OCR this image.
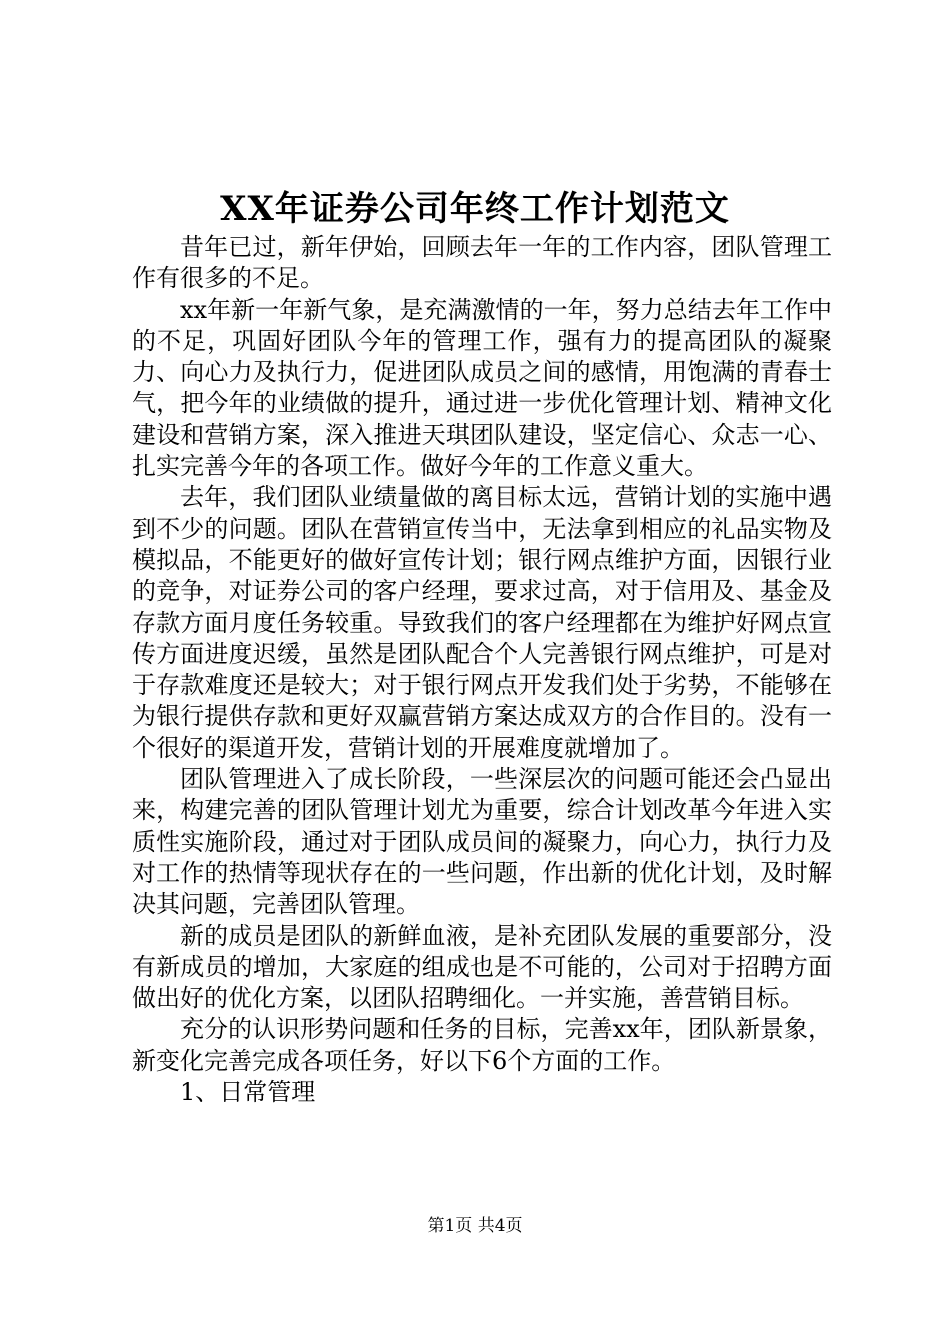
XX年证券公司年终工作计划范文

昔年已过，新年伊始，回顾去年一年的工作内容，团队管理工作有很多的不足。

xx年新一年新气象，是充满激情的一年，努力总结去年工作中的不足，巩固好团队今年的管理工作，强有力的提高团队的凝聚力、向心力及执行力，促进团队成员之间的感情，用饱满的青春士气，把今年的业绩做的提升，通过进一步优化管理计划、精神文化建设和营销方案，深入推进天琪团队建设，坚定信心、众志一心、扎实完善今年的各项工作。做好今年的工作意义重大。

去年，我们团队业绩量做的离目标太远，营销计划的实施中遇到不少的问题。团队在营销宣传当中，无法拿到相应的礼品实物及模拟品，不能更好的做好宣传计划；银行网点维护方面，因银行业的竞争，对证券公司的客户经理，要求过高，对于信用及、基金及存款方面月度任务较重。导致我们的客户经理都在为维护好网点宣传方面进度迟缓，虽然是团队配合个人完善银行网点维护，可是对于存款难度还是较大；对于银行网点开发我们处于劣势，不能够在为银行提供存款和更好双赢营销方案达成双方的合作目的。没有一个很好的渠道开发，营销计划的开展难度就增加了。

团队管理进入了成长阶段，一些深层次的问题可能还会凸显出来，构建完善的团队管理计划尤为重要，综合计划改革今年进入实质性实施阶段，通过对于团队成员间的凝聚力，向心力，执行力及对工作的热情等现状存在的一些问题，作出新的优化计划，及时解决其问题，完善团队管理。

新的成员是团队的新鲜血液，是补充团队发展的重要部分，没有新成员的增加，大家庭的组成也是不可能的，公司对于招聘方面做出好的优化方案，以团队招聘细化。一并实施，善营销目标。

充分的认识形势问题和任务的目标，完善xx年，团队新景象，新变化完善完成各项任务，好以下6个方面的工作。

1、日常管理

第1页 共4页
